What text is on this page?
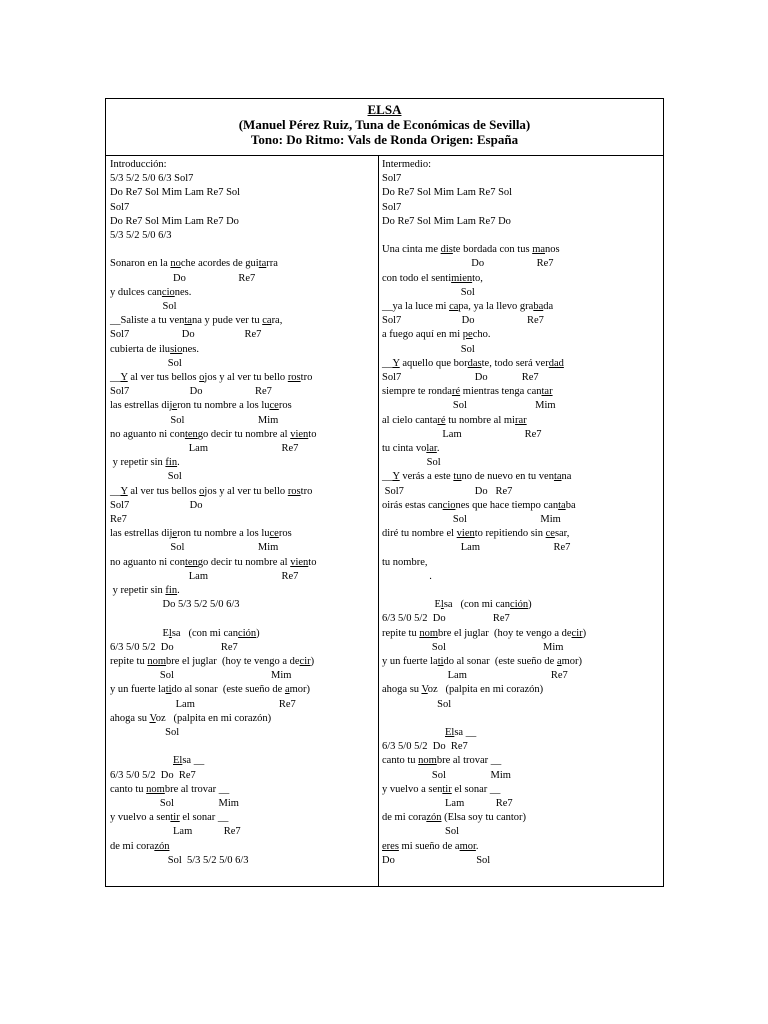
ELSA
(Manuel Pérez Ruiz, Tuna de Económicas de Sevilla)
Tono: Do Ritmo: Vals de Ronda Origen: España
Introducción:
5/3 5/2 5/0 6/3 Sol7
Do Re7 Sol Mim Lam Re7 Sol
Sol7
Do Re7 Sol Mim Lam Re7 Do
5/3 5/2 5/0 6/3
Sonaron en la noche acordes de guitarra
Do                    Re7
y dulces canciones.
Sol
__Saliste a tu ventana y pude ver tu cara,
Sol7                    Do                   Re7
cubierta de ilusiones.
Sol
__Y al ver tus bellos ojos y al ver tu bello rostro
Sol7                       Do                    Re7
las estrellas dijeron tu nombre a los luceros
Sol                            Mim
no aguanto ni contengo decir tu nombre al viento
Lam                            Re7
y repetir sin fin.
Sol
__Y al ver tus bellos ojos y al ver tu bello rostro
Sol7                       Do
Re7
las estrellas dijeron tu nombre a los luceros
Sol                            Mim
no aguanto ni contengo decir tu nombre al viento
Lam                            Re7
y repetir sin fin.
Do 5/3 5/2 5/0 6/3
Elsa   (con mi canción)
6/3 5/0 5/2  Do                  Re7
repite tu nombre el juglar  (hoy te vengo a decir)
Sol                                     Mim
y un fuerte latido al sonar  (este sueño de amor)
Lam                                Re7
ahoga su Voz   (palpita en mi corazón)
Sol
Elsa __
6/3 5/0 5/2  Do  Re7
canto tu nombre al trovar __
Sol                 Mim
y vuelvo a sentir el sonar __
Lam            Re7
de mi corazón
Sol  5/3 5/2 5/0 6/3
Intermedio:
Sol7
Do Re7 Sol Mim Lam Re7 Sol
Sol7
Do Re7 Sol Mim Lam Re7 Do
Una cinta me diste bordada con tus manos
Do                    Re7
con todo el sentimiento,
Sol
__ya la luce mi capa, ya la llevo grabada
Sol7                       Do                    Re7
a fuego aquí en mi pecho.
Sol
__Y aquello que bordaste, todo será verdad
Sol7                            Do             Re7
siempre te rondaré mientras tenga cantar
Sol                          Mim
al cielo cantaré tu nombre al mirar
Lam                        Re7
tu cinta volar.
Sol
__Y verás a este tuno de nuevo en tu ventana
Sol7                           Do   Re7
oirás estas canciones que hace tiempo cantaba
Sol                            Mim
diré tu nombre el viento repitiendo sin cesar,
Lam                            Re7
tu nombre,
.
Elsa   (con mi canción)
6/3 5/0 5/2  Do                  Re7
repite tu nombre el juglar  (hoy te vengo a decir)
Sol                                     Mim
y un fuerte latido al sonar  (este sueño de amor)
Lam                                Re7
ahoga su Voz   (palpita en mi corazón)
Sol
Elsa __
6/3 5/0 5/2  Do  Re7
canto tu nombre al trovar __
Sol                 Mim
y vuelvo a sentir el sonar __
Lam            Re7
de mi corazón (Elsa soy tu cantor)
Sol
eres mi sueño de amor.
Do                               Sol
